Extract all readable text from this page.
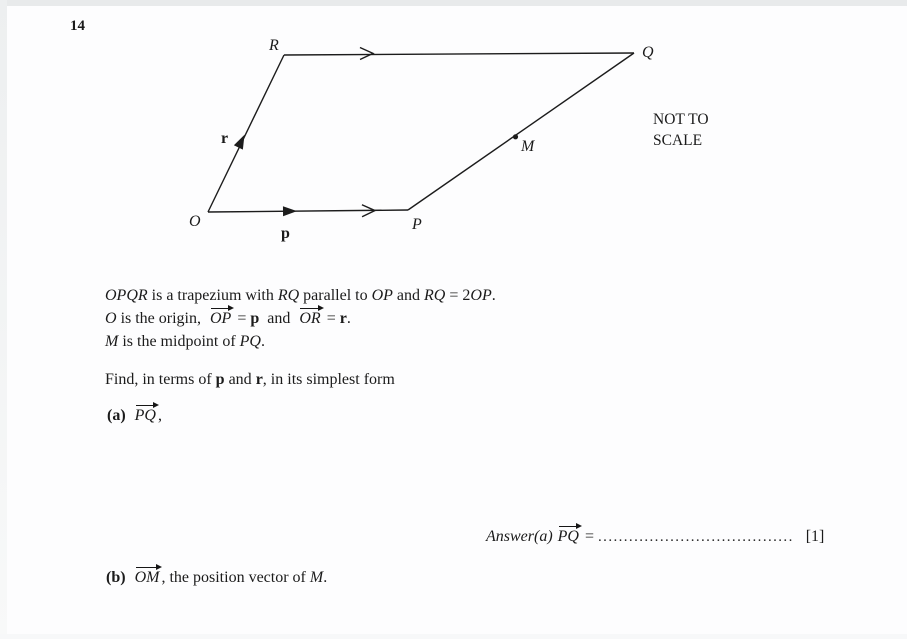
14
R	Q
O	P
M
r
p
NOT TO
SCALE
OPQR is a trapezium with RQ parallel to OP and RQ = 2OP.
O is the origin,  OP = p  and  OR = r.
M is the midpoint of PQ.
Find, in terms of p and r, in its simplest form
(a) PQ ,
Answer(a) PQ = ...................................... [1]
(b) OM , the position vector of M.
